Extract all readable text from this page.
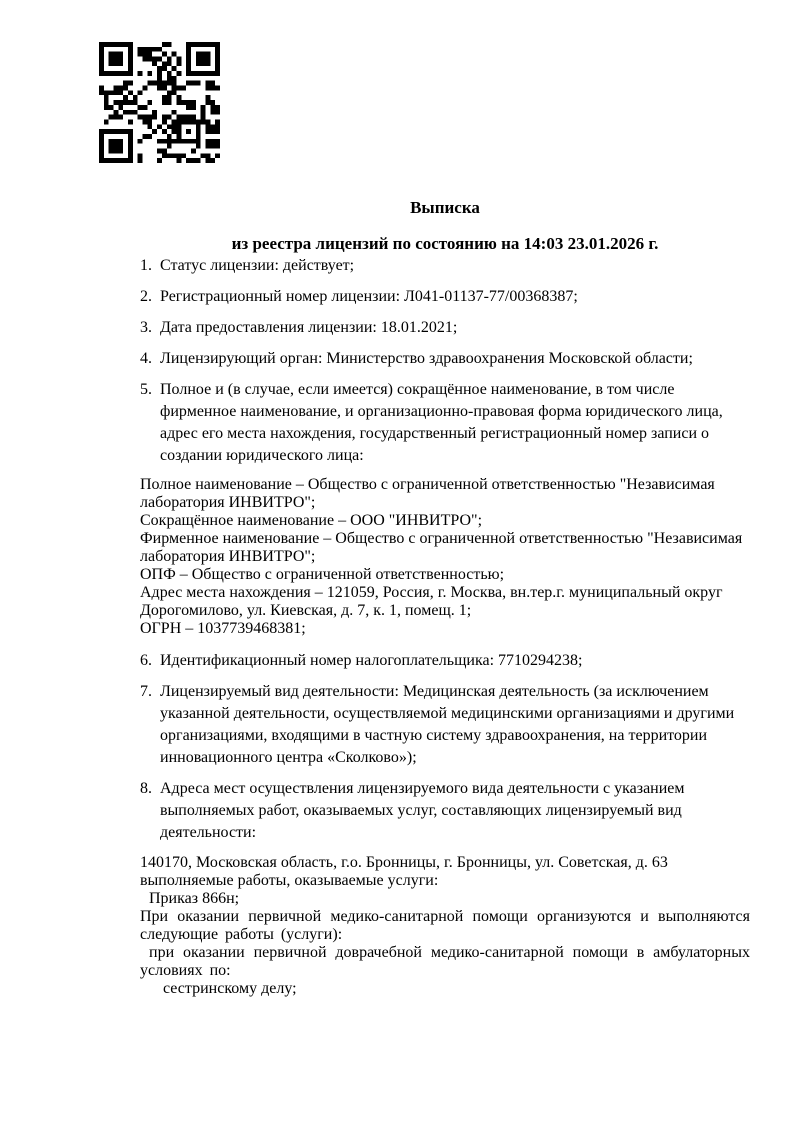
Выписка

из реестра лицензий по состоянию на 14:03 23.01.2026 г.

1. Статус лицензии: действует;

2. Регистрационный номер лицензии: Л041-01137-77/00368387;

3. Дата предоставления лицензии: 18.01.2021;

4. Лицензирующий орган: Министерство здравоохранения Московской области;

5. Полное и (в случае, если имеется) сокращённое наименование, в том числе фирменное наименование, и организационно-правовая форма юридического лица, адрес его места нахождения, государственный регистрационный номер записи о создании юридического лица:

Полное наименование – Общество с ограниченной ответственностью "Независимая лаборатория ИНВИТРО";
Сокращённое наименование – ООО "ИНВИТРО";
Фирменное наименование – Общество с ограниченной ответственностью "Независимая лаборатория ИНВИТРО";
ОПФ – Общество с ограниченной ответственностью;
Адрес места нахождения – 121059, Россия, г. Москва, вн.тер.г. муниципальный округ Дорогомилово, ул. Киевская, д. 7, к. 1, помещ. 1;
ОГРН – 1037739468381;

6. Идентификационный номер налогоплательщика: 7710294238;

7. Лицензируемый вид деятельности: Медицинская деятельность (за исключением указанной деятельности, осуществляемой медицинскими организациями и другими организациями, входящими в частную систему здравоохранения, на территории инновационного центра «Сколково»);

8. Адреса мест осуществления лицензируемого вида деятельности с указанием выполняемых работ, оказываемых услуг, составляющих лицензируемый вид деятельности:

140170, Московская область, г.о. Бронницы, г. Бронницы, ул. Советская, д. 63

выполняемые работы, оказываемые услуги:

Приказ 866н;

При оказании первичной медико-санитарной помощи организуются и выполняются следующие работы (услуги):

при оказании первичной доврачебной медико-санитарной помощи в амбулаторных условиях по:

сестринскому делу;
